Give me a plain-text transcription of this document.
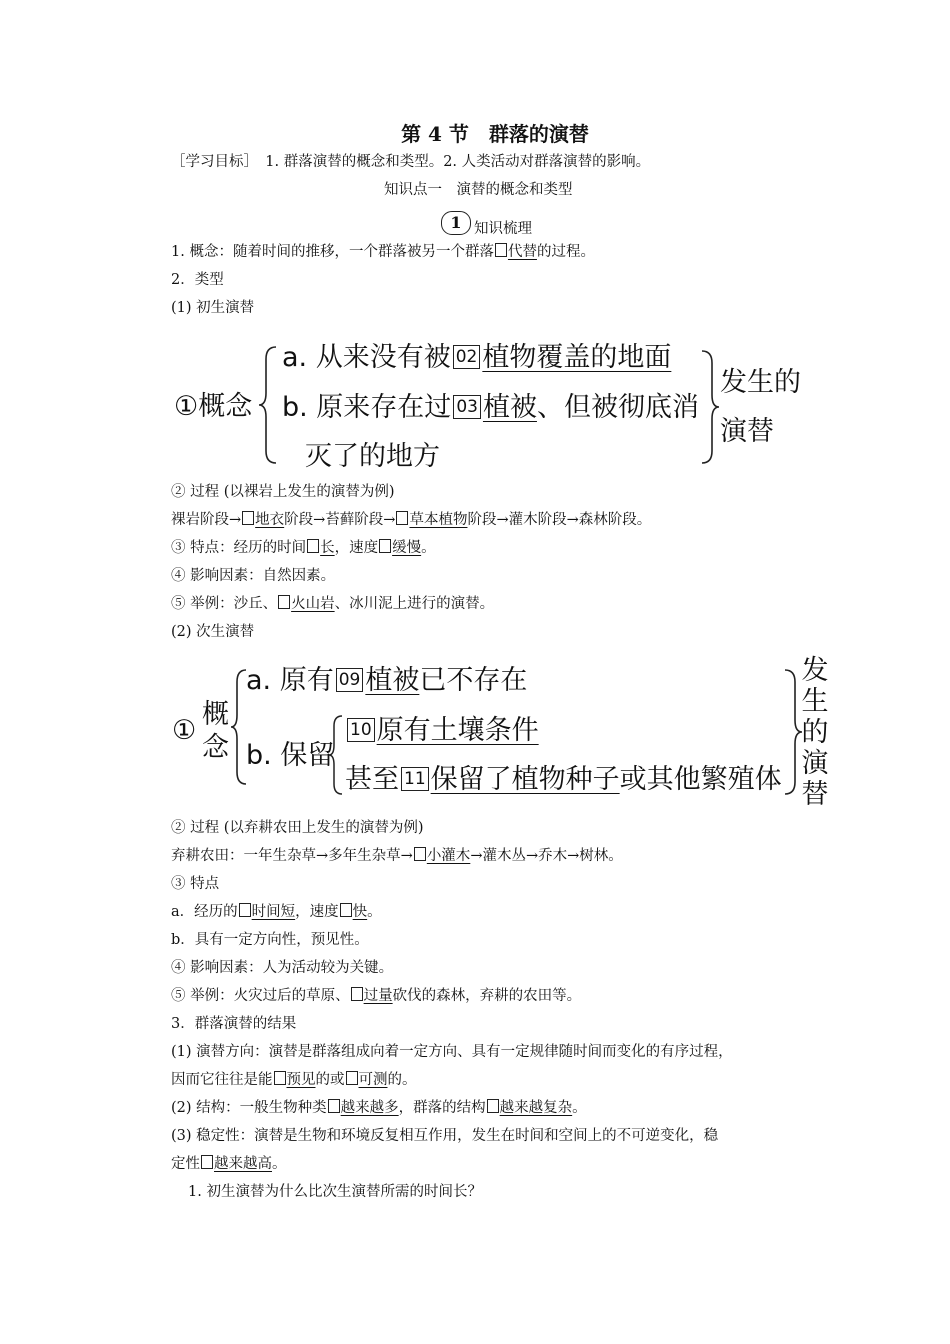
第 4 节　群落的演替
［学习目标］　1. 群落演替的概念和类型。2. 人类活动对群落演替的影响。
知识点一　演替的概念和类型
1 知识梳理
1. 概念：随着时间的推移，一个群落被另一个群落 代替的过程。
2．类型
(1) 初生演替
①概念
a. 从来没有被 02 植物覆盖的地面
b. 原来存在过 03 植被、但被彻底消
灭了的地方
发生的
演替
② 过程 (以裸岩上发生的演替为例)
裸岩阶段→ 地衣阶段→苔藓阶段→ 草本植物阶段→灌木阶段→森林阶段。
③ 特点：经历的时间 长，速度 缓慢。
④ 影响因素：自然因素。
⑤ 举例：沙丘、 火山岩、冰川泥上进行的演替。
(2) 次生演替
①
概
念
a. 原有 09 植被已不存在
b. 保留
10 原有土壤条件
甚至 11 保留了植物种子或其他繁殖体
发
生
的
演
替
② 过程 (以弃耕农田上发生的演替为例)
弃耕农田：一年生杂草→多年生杂草→ 小灌木→灌木丛→乔木→树林。
③ 特点
a．经历的 时间短，速度 快。
b．具有一定方向性，预见性。
④ 影响因素：人为活动较为关键。
⑤ 举例：火灾过后的草原、 过量砍伐的森林，弃耕的农田等。
3．群落演替的结果
(1) 演替方向：演替是群落组成向着一定方向、具有一定规律随时间而变化的有序过程，
因而它往往是能 预见的或 可测的。
(2) 结构：一般生物种类 越来越多，群落的结构 越来越复杂。
(3) 稳定性：演替是生物和环境反复相互作用，发生在时间和空间上的不可逆变化，稳
定性 越来越高。
1. 初生演替为什么比次生演替所需的时间长？
